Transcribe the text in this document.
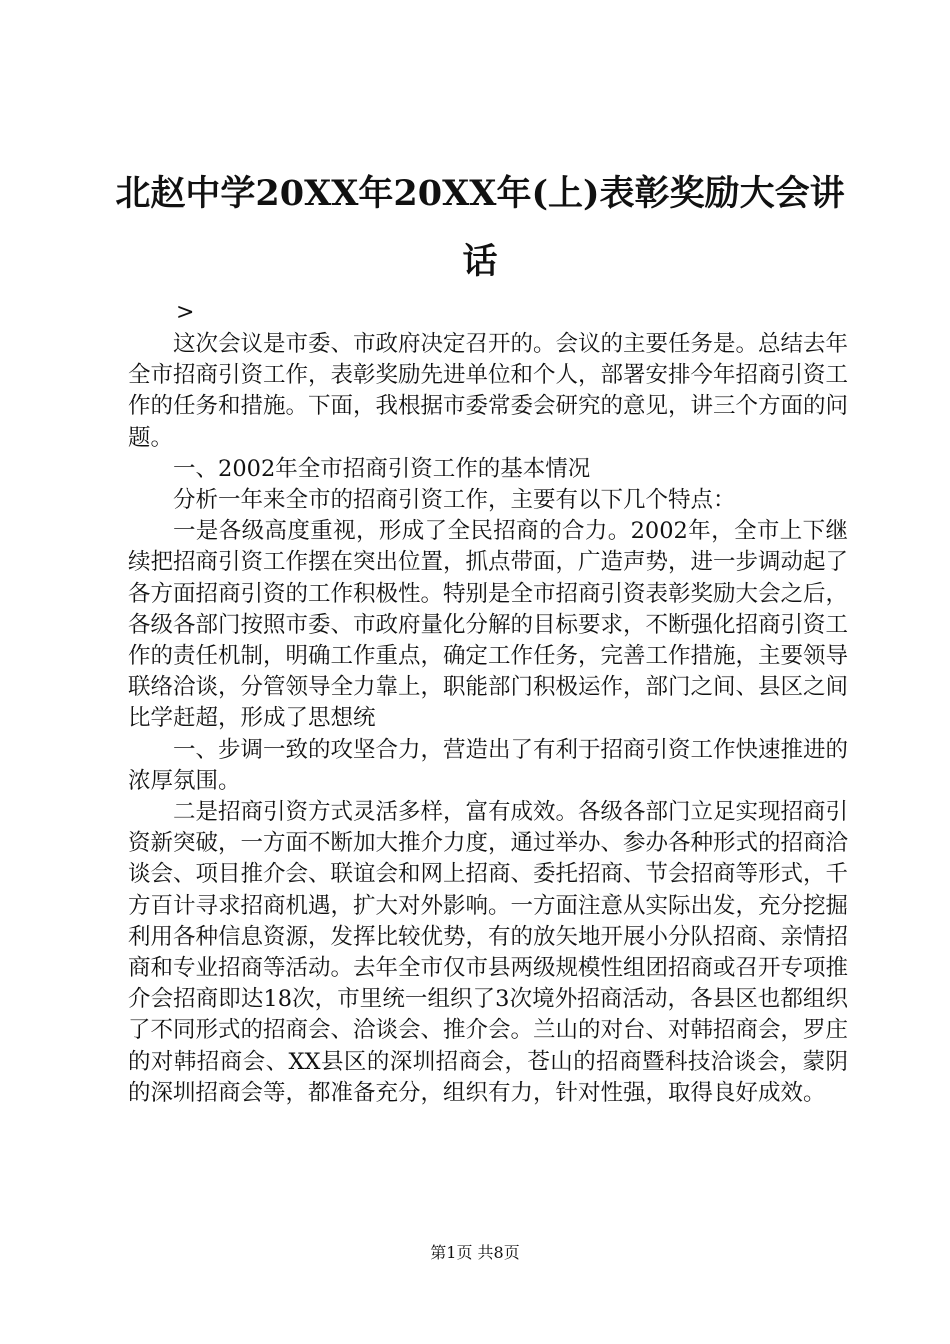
北赵中学20XX年20XX年(上)表彰奖励大会讲话
>

这次会议是市委、市政府决定召开的。会议的主要任务是。总结去年全市招商引资工作，表彰奖励先进单位和个人，部署安排今年招商引资工作的任务和措施。下面，我根据市委常委会研究的意见，讲三个方面的问题。

一、2002年全市招商引资工作的基本情况

分析一年来全市的招商引资工作，主要有以下几个特点：

一是各级高度重视，形成了全民招商的合力。2002年，全市上下继续把招商引资工作摆在突出位置，抓点带面，广造声势，进一步调动起了各方面招商引资的工作积极性。特别是全市招商引资表彰奖励大会之后，各级各部门按照市委、市政府量化分解的目标要求，不断强化招商引资工作的责任机制，明确工作重点，确定工作任务，完善工作措施，主要领导联络洽谈，分管领导全力靠上，职能部门积极运作，部门之间、县区之间比学赶超，形成了思想统

一、步调一致的攻坚合力，营造出了有利于招商引资工作快速推进的浓厚氛围。

二是招商引资方式灵活多样，富有成效。各级各部门立足实现招商引资新突破，一方面不断加大推介力度，通过举办、参办各种形式的招商洽谈会、项目推介会、联谊会和网上招商、委托招商、节会招商等形式，千方百计寻求招商机遇，扩大对外影响。一方面注意从实际出发，充分挖掘利用各种信息资源，发挥比较优势，有的放矢地开展小分队招商、亲情招商和专业招商等活动。去年全市仅市县两级规模性组团招商或召开专项推介会招商即达18次，市里统一组织了3次境外招商活动，各县区也都组织了不同形式的招商会、洽谈会、推介会。兰山的对台、对韩招商会，罗庄的对韩招商会、XX县区的深圳招商会，苍山的招商暨科技洽谈会，蒙阴的深圳招商会等，都准备充分，组织有力，针对性强，取得良好成效。

第1页 共8页
